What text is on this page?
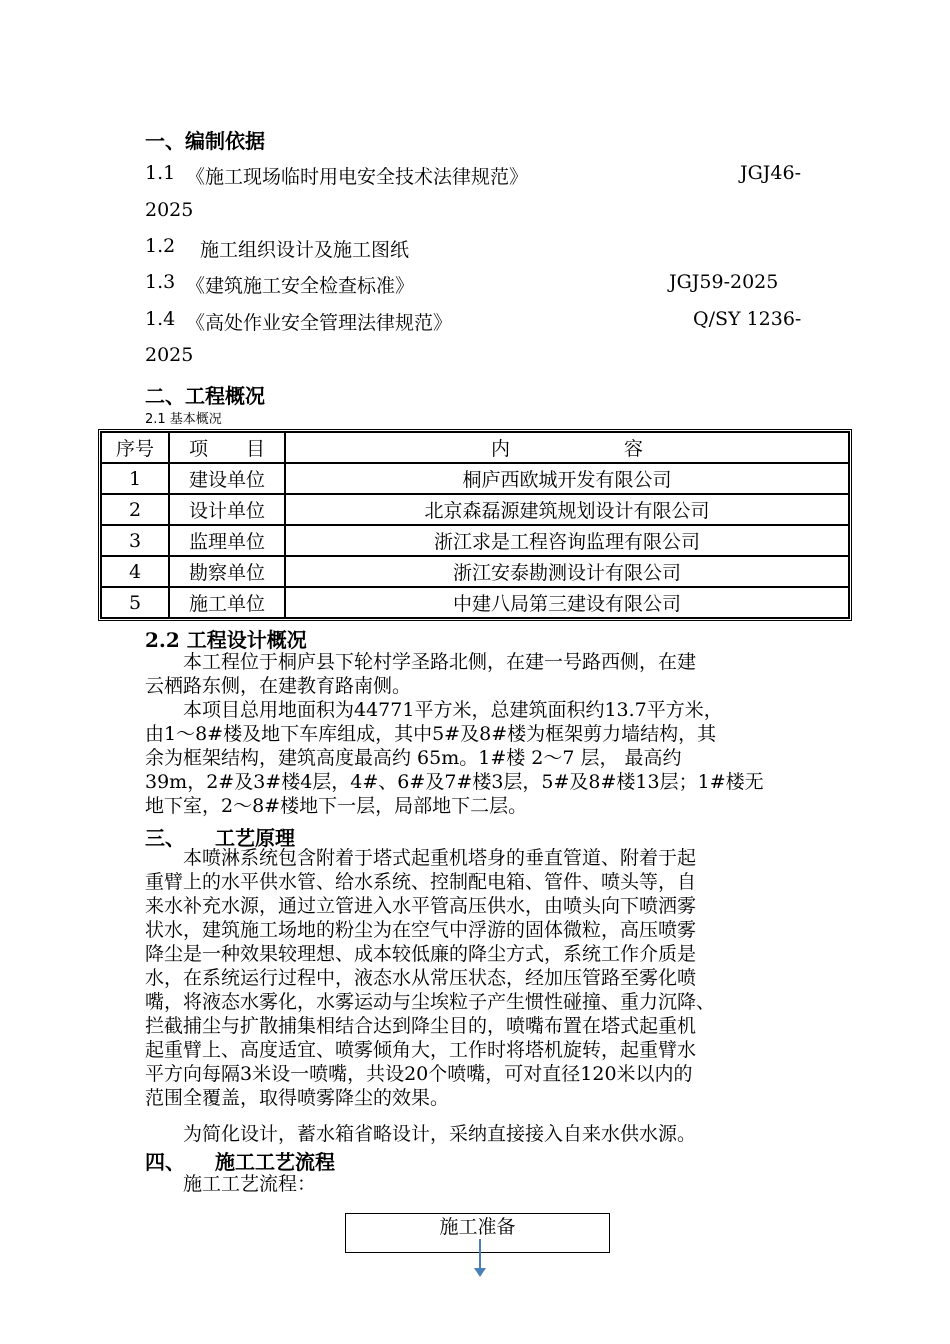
一、编制依据
1.1 《施工现场临时用电安全技术法律规范》	JGJ46-
2025
1.2 施工组织设计及施工图纸
1.3 《建筑施工安全检查标准》	JGJ59-2025
1.4 《高处作业安全管理法律规范》	Q/SY 1236-
2025
二、工程概况
2.1 基本概况
序号	项　　目	内　　　　　　容
1	建设单位	桐庐西欧城开发有限公司
2	设计单位	北京森磊源建筑规划设计有限公司
3	监理单位	浙江求是工程咨询监理有限公司
4	勘察单位	浙江安泰勘测设计有限公司
5	施工单位	中建八局第三建设有限公司
2.2 工程设计概况

　　本工程位于桐庐县下轮村学圣路北侧，在建一号路西侧，在建

云栖路东侧，在建教育路南侧。

　　本项目总用地面积为44771平方米，总建筑面积约13.7平方米，

由1～8#楼及地下车库组成，其中5#及8#楼为框架剪力墙结构，其

余为框架结构，建筑高度最高约 65m。1#楼 2～7 层， 最高约

39m，2#及3#楼4层，4#、6#及7#楼3层，5#及8#楼13层；1#楼无

地下室，2～8#楼地下一层，局部地下二层。

三、　　工艺原理

　　本喷淋系统包含附着于塔式起重机塔身的垂直管道、附着于起

重臂上的水平供水管、给水系统、控制配电箱、管件、喷头等，自

来水补充水源，通过立管进入水平管高压供水，由喷头向下喷洒雾

状水，建筑施工场地的粉尘为在空气中浮游的固体微粒，高压喷雾

降尘是一种效果较理想、成本较低廉的降尘方式，系统工作介质是

水，在系统运行过程中，液态水从常压状态，经加压管路至雾化喷

嘴，将液态水雾化，水雾运动与尘埃粒子产生惯性碰撞、重力沉降、

拦截捕尘与扩散捕集相结合达到降尘目的，喷嘴布置在塔式起重机

起重臂上、高度适宜、喷雾倾角大，工作时将塔机旋转，起重臂水

平方向每隔3米设一喷嘴，共设20个喷嘴，可对直径120米以内的

范围全覆盖，取得喷雾降尘的效果。

　　为简化设计，蓄水箱省略设计，采纳直接接入自来水供水源。

四、　　施工工艺流程

　　施工工艺流程：

施工准备
